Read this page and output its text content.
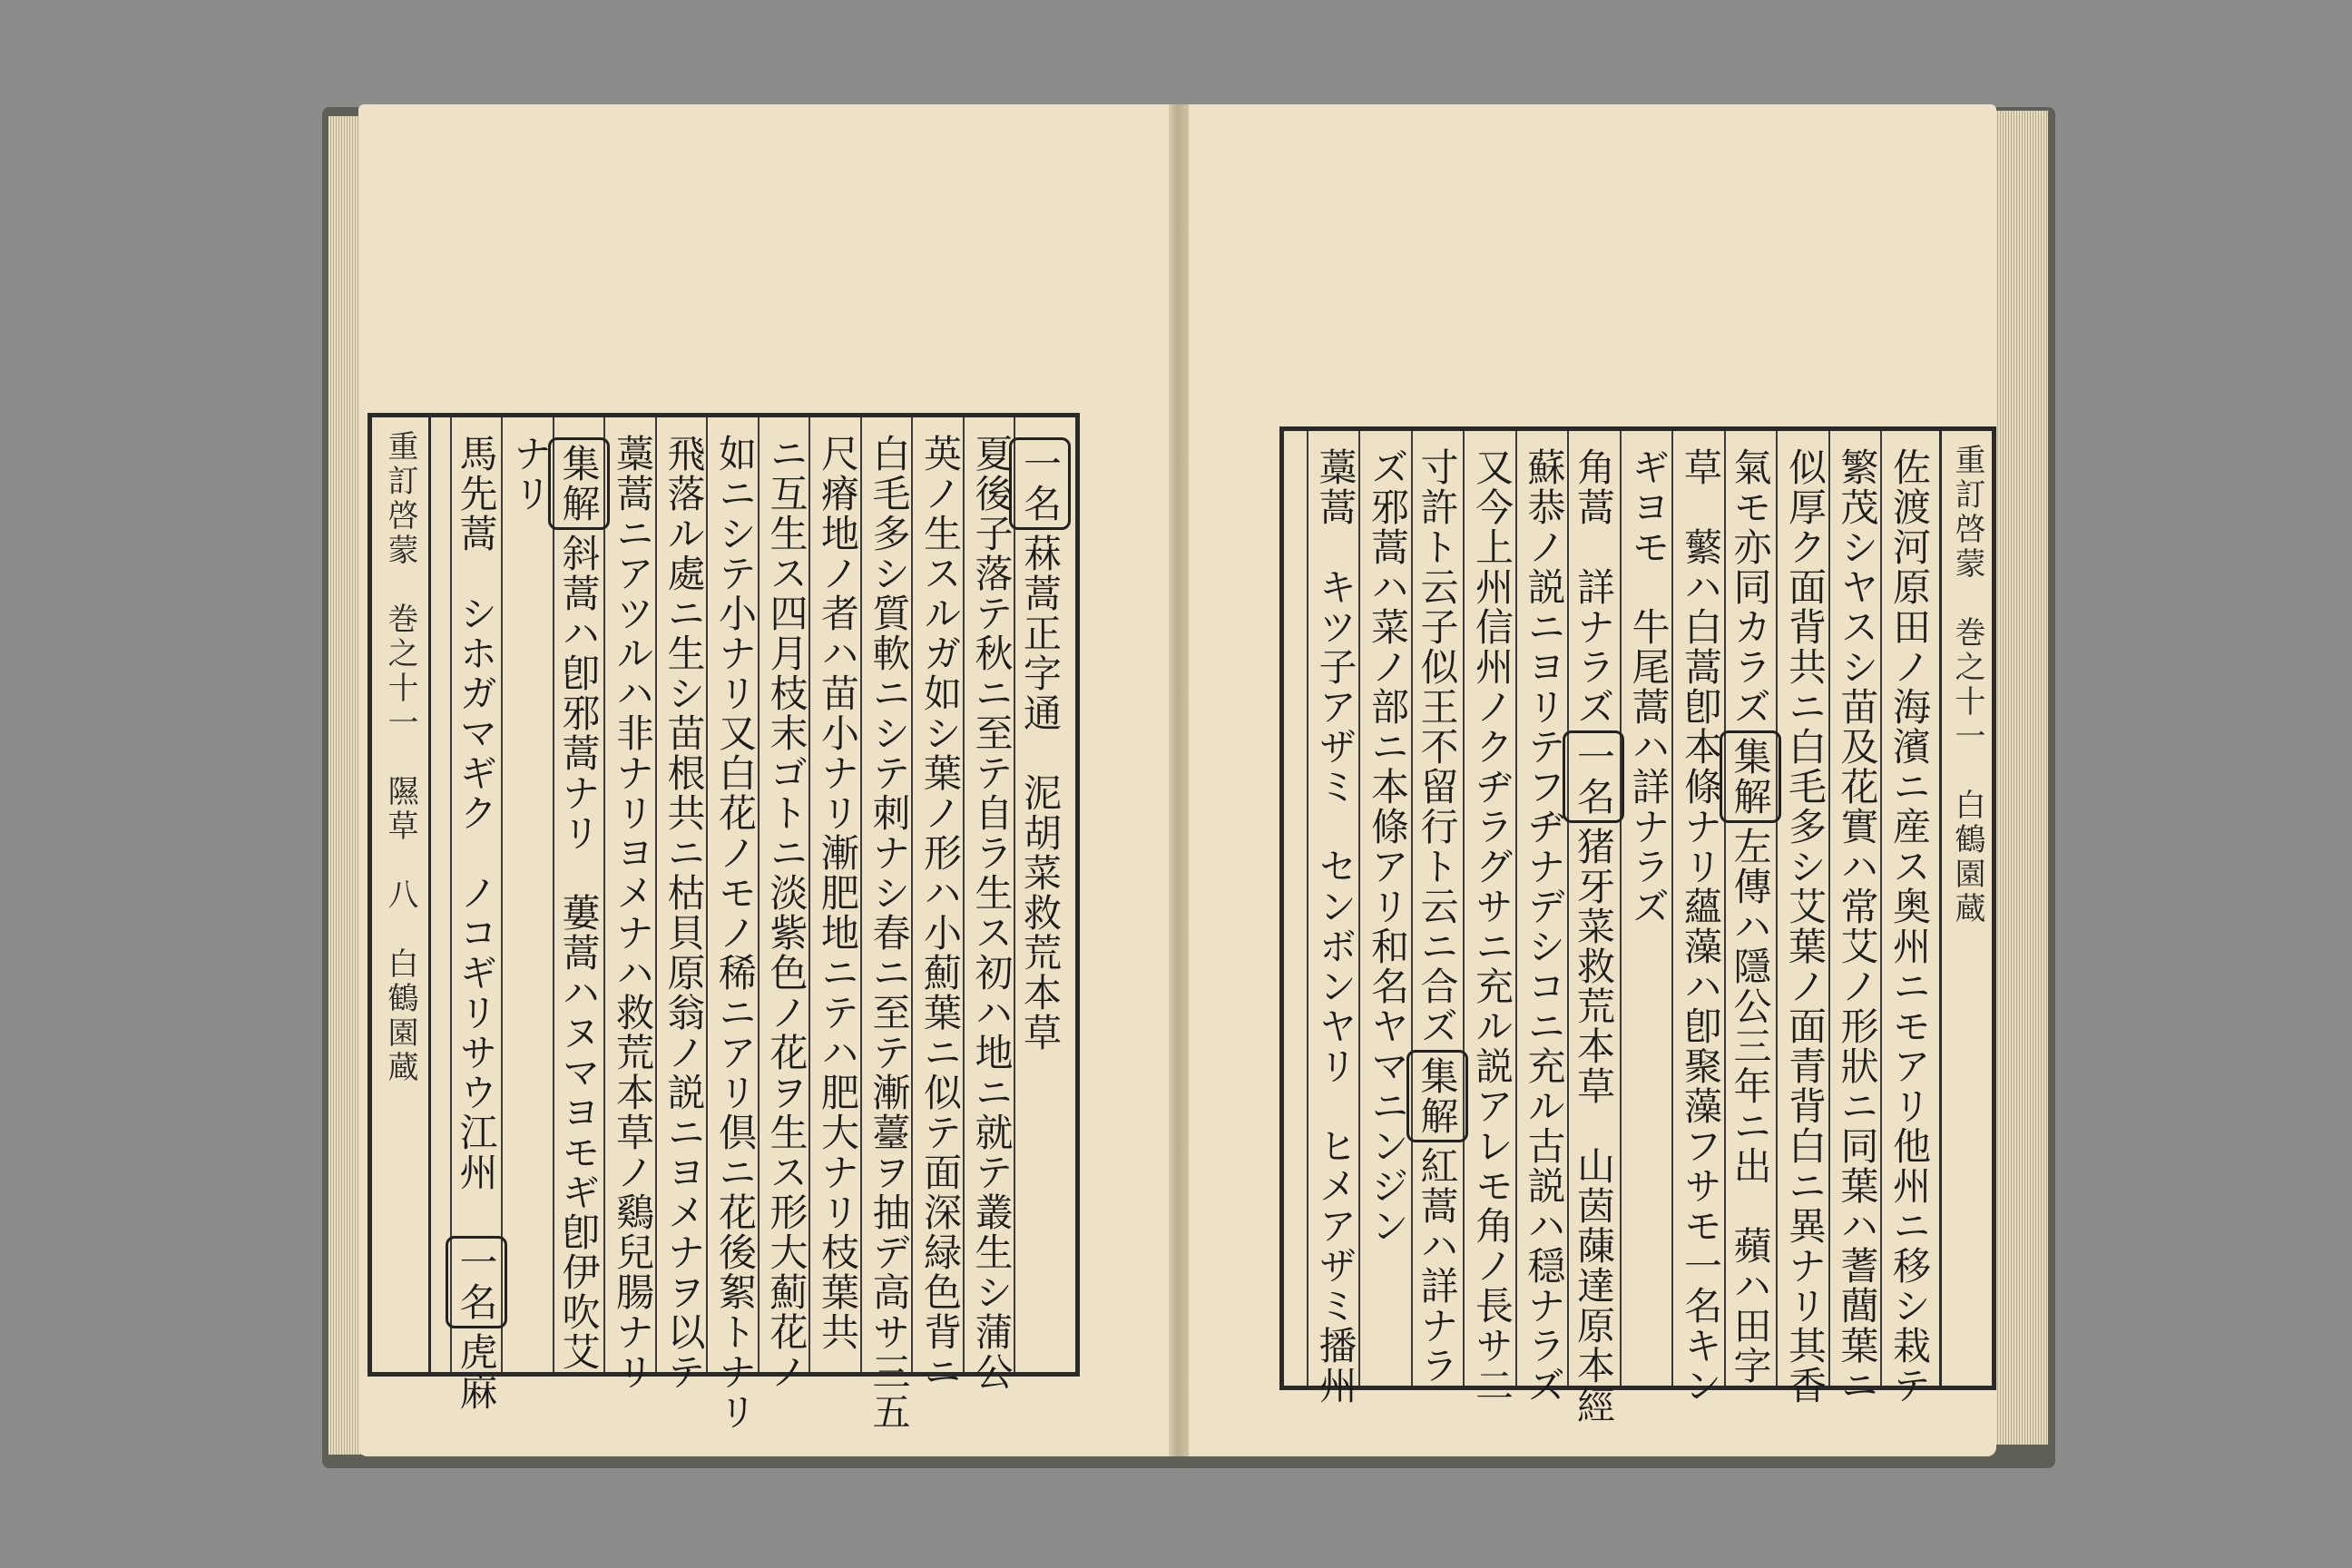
重訂啓蒙　巻之十一　隰草　八　白鶴園蔵
一名菻蒿正字通　泥胡菜救荒本草
夏後子落テ秋ニ至テ自ラ生ス初ハ地ニ就テ叢生シ蒲公
英ノ生スルガ如シ葉ノ形ハ小薊葉ニ似テ面深緑色背ニ
白毛多シ質軟ニシテ刺ナシ春ニ至テ漸薹ヲ抽デ高サ三五
尺瘠地ノ者ハ苗小ナリ漸肥地ニテハ肥大ナリ枝葉共
ニ互生ス四月枝末ゴトニ淡紫色ノ花ヲ生ス形大薊花ノ
如ニシテ小ナリ又白花ノモノ稀ニアリ倶ニ花後絮トナリ
飛落ル處ニ生シ苗根共ニ枯貝原翁ノ説ニヨメナヲ以テ
藁蒿ニアツルハ非ナリヨメナハ救荒本草ノ鷄兒腸ナリ
集解斜蒿ハ卽邪蒿ナリ　蔞蒿ハヌマヨモギ卽伊吹艾
ナリ
馬先蒿　シホガマギク　ノコギリサウ江州　一名虎麻
重訂啓蒙　巻之十一　白鶴園蔵
佐渡河原田ノ海濱ニ産ス奥州ニモアリ他州ニ移シ栽テ
繁茂シヤスシ苗及花實ハ常艾ノ形狀ニ同葉ハ蓍䕡葉ニ
似厚ク面背共ニ白毛多シ艾葉ノ面青背白ニ異ナリ其香
氣モ亦同カラズ集解左傳ハ隱公三年ニ出　蘋ハ田字
草　蘩ハ白蒿卽本條ナリ蘊藻ハ卽聚藻フサモ一名キン
ギヨモ　牛尾蒿ハ詳ナラズ
角蒿　詳ナラズ一名猪牙菜救荒本草　山茵蔯達原本經
蘇恭ノ説ニヨリテフヂナデシコニ充ル古説ハ穏ナラズ
又今上州信州ノクヂラグサニ充ル説アレモ角ノ長サ二
寸許ト云子似王不留行ト云ニ合ズ集解紅蒿ハ詳ナラ
ズ邪蒿ハ菜ノ部ニ本條アリ和名ヤマニンジン
藁蒿　キツ子アザミ　センボンヤリ　ヒメアザミ播州
